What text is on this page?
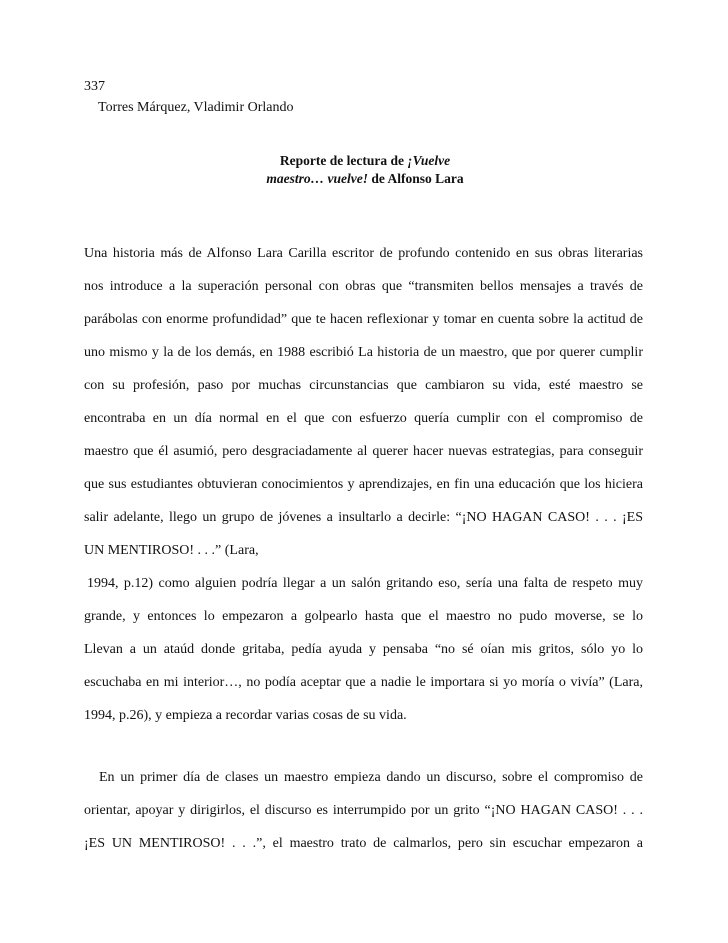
337
Torres Márquez, Vladimir Orlando
Reporte de lectura de ¡Vuelve
maestro… vuelve! de Alfonso Lara
Una historia más de Alfonso Lara Carilla escritor de profundo contenido en sus obras literarias
nos introduce a la superación personal con obras que “transmiten bellos mensajes a través de
parábolas con enorme profundidad” que te hacen reflexionar y tomar en cuenta sobre la actitud de
uno mismo y la de los demás, en 1988 escribió La historia de un maestro, que por querer cumplir
con su profesión, paso por muchas circunstancias que cambiaron su vida, esté maestro se
encontraba en un día normal en el que con esfuerzo quería cumplir con el compromiso de
maestro que él asumió, pero desgraciadamente al querer hacer nuevas estrategias, para conseguir
que sus estudiantes obtuvieran conocimientos y aprendizajes, en fin una educación que los hiciera
salir adelante, llego un grupo de jóvenes a insultarlo a decirle: “¡NO HAGAN CASO! . . . ¡ES
UN MENTIROSO! . . .” (Lara,
1994, p.12) como alguien podría llegar a un salón gritando eso, sería una falta de respeto muy
grande, y entonces lo empezaron a golpearlo hasta que el maestro no pudo moverse, se lo
Llevan a un ataúd donde gritaba, pedía ayuda y pensaba “no sé oían mis gritos, sólo yo lo
escuchaba en mi interior…, no podía aceptar que a nadie le importara si yo moría o vivía” (Lara,
1994, p.26), y empieza a recordar varias cosas de su vida.
En un primer día de clases un maestro empieza dando un discurso, sobre el compromiso de
orientar, apoyar y dirigirlos, el discurso es interrumpido por un grito “¡NO HAGAN CASO! . . .
¡ES UN MENTIROSO! . . .”, el maestro trato de calmarlos, pero sin escuchar empezaron a
